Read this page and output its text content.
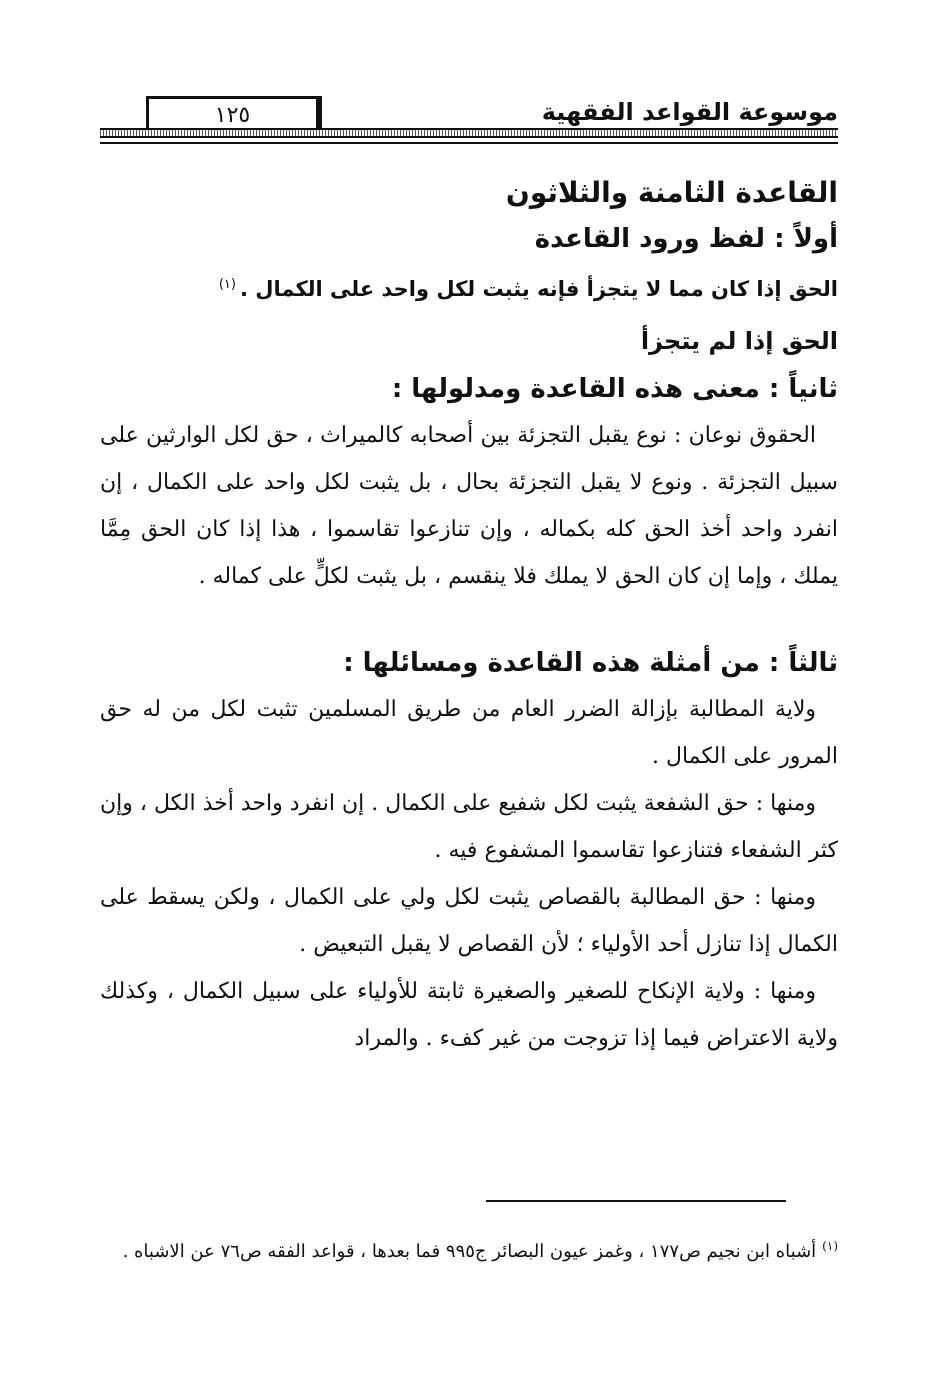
موسوعة القواعد الفقهية
١٢٥
القاعدة الثامنة والثلاثون
أولاً : لفظ ورود القاعدة

الحق إذا كان مما لا يتجزأ فإنه يثبت لكل واحد على الكمال .$^{(١)}$

الحق إذا لم يتجزأ

ثانياً : معنى هذه القاعدة ومدلولها :

الحقوق نوعان : نوع يقبل التجزئة بين أصحابه كالميراث ، حق لكل الوارثين على سبيل التجزئة . ونوع لا يقبل التجزئة بحال ، بل يثبت لكل واحد على الكمال ، إن انفرد واحد أخذ الحق كله بكماله ، وإن تنازعوا تقاسموا ، هذا إذا كان الحق مِمَّا يملك ، وإما إن كان الحق لا يملك فلا ينقسم ، بل يثبت لكلٍّ على كماله .

ثالثاً : من أمثلة هذه القاعدة ومسائلها :

ولاية المطالبة بإزالة الضرر العام من طريق المسلمين تثبت لكل من له حق المرور على الكمال .

ومنها : حق الشفعة يثبت لكل شفيع على الكمال . إن انفرد واحد أخذ الكل ، وإن كثر الشفعاء فتنازعوا تقاسموا المشفوع فيه .

ومنها : حق المطالبة بالقصاص يثبت لكل ولي على الكمال ، ولكن يسقط على الكمال إذا تنازل أحد الأولياء ؛ لأن القصاص لا يقبل التبعيض .

ومنها : ولاية الإنكاح للصغير والصغيرة ثابتة للأولياء على سبيل الكمال ، وكذلك ولاية الاعتراض فيما إذا تزوجت من غير كفء . والمراد

$^{(١)}$أشباه ابن نجيم ص١٧٧ ، وغمز عيون البصائر ج٩٩٥ فما بعدها ، قواعد الفقه ص٧٦ عن الاشباه .
